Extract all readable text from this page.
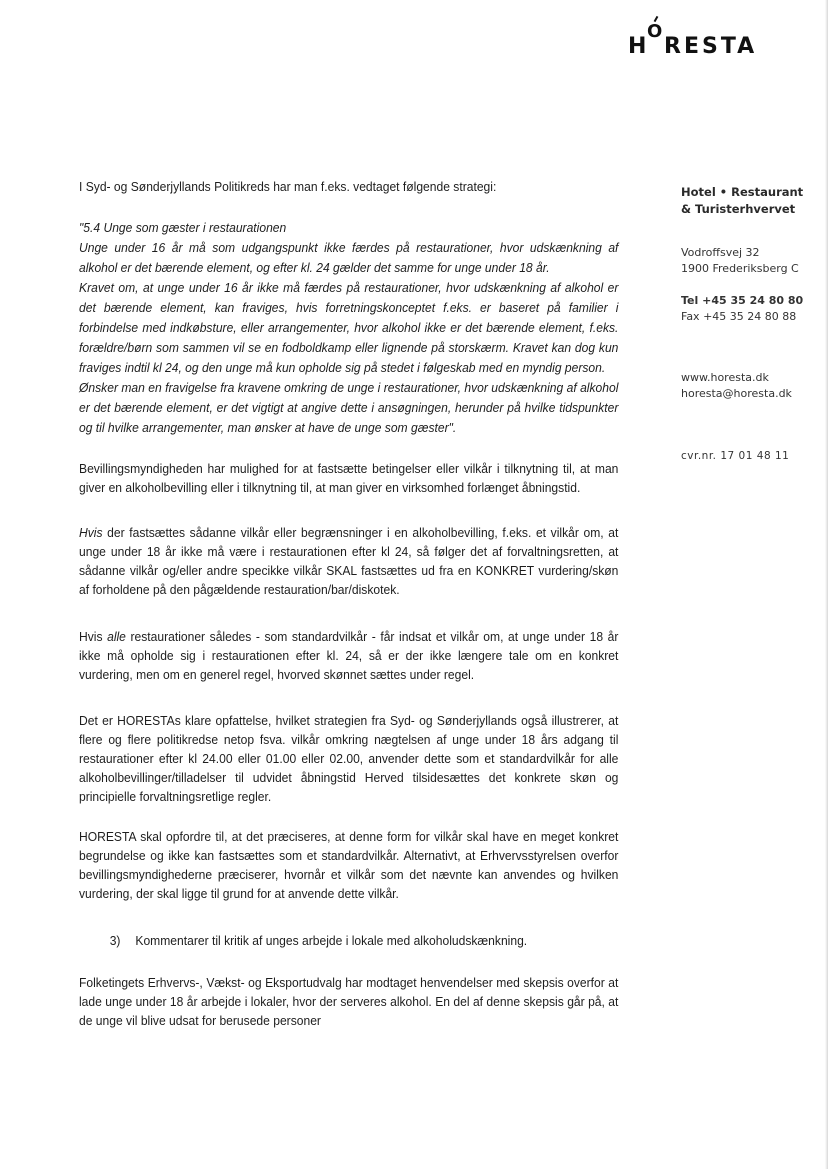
H
O
RESTA
Hotel • Restaurant
& Turisterhvervet
Vodroffsvej 32
1900 Frederiksberg C
Tel +45 35 24 80 80
Fax +45 35 24 80 88
www.horesta.dk
horesta@horesta.dk
cvr.nr. 17 01 48 11

I Syd- og Sønderjyllands Politikreds har man f.eks. vedtaget følgende strategi:

"5.4 Unge som gæster i restaurationen
Unge under 16 år må som udgangspunkt ikke færdes på restaurationer, hvor udskænkning af alkohol er det bærende element, og efter kl. 24 gælder det samme for unge under 18 år.
Kravet om, at unge under 16 år ikke må færdes på restaurationer, hvor udskænkning af alkohol er det bærende element, kan fraviges, hvis forretningskonceptet f.eks. er baseret på familier i forbindelse med indkøbsture, eller arrangementer, hvor alkohol ikke er det bærende element, f.eks. forældre/børn som sammen vil se en fodboldkamp eller lignende på storskærm. Kravet kan dog kun fraviges indtil kl 24, og den unge må kun opholde sig på stedet i følgeskab med en myndig person.
Ønsker man en fravigelse fra kravene omkring de unge i restaurationer, hvor udskænkning af alkohol er det bærende element, er det vigtigt at angive dette i ansøgningen, herunder på hvilke tidspunkter og til hvilke arrangementer, man ønsker at have de unge som gæster".

Bevillingsmyndigheden har mulighed for at fastsætte betingelser eller vilkår i tilknytning til, at man giver en alkoholbevilling eller i tilknytning til, at man giver en virksomhed forlænget åbningstid.

Hvis der fastsættes sådanne vilkår eller begrænsninger i en alkoholbevilling, f.eks. et vilkår om, at unge under 18 år ikke må være i restaurationen efter kl 24, så følger det af forvaltningsretten, at sådanne vilkår og/eller andre specikke vilkår SKAL fastsættes ud fra en KONKRET vurdering/skøn af forholdene på den pågældende restauration/bar/diskotek.

Hvis alle restaurationer således - som standardvilkår - får indsat et vilkår om, at unge under 18 år ikke må opholde sig i restaurationen efter kl. 24, så er der ikke længere tale om en konkret vurdering, men om en generel regel, hvorved skønnet sættes under regel.

Det er HORESTAs klare opfattelse, hvilket strategien fra Syd- og Sønderjyllands også illustrerer, at flere og flere politikredse netop fsva. vilkår omkring nægtelsen af unge under 18 års adgang til restaurationer efter kl 24.00 eller 01.00 eller 02.00, anvender dette som et standardvilkår for alle alkoholbevillinger/tilladelser til udvidet åbningstid Herved tilsidesættes det konkrete skøn og principielle forvaltningsretlige regler.

HORESTA skal opfordre til, at det præciseres, at denne form for vilkår skal have en meget konkret begrundelse og ikke kan fastsættes som et standardvilkår. Alternativt, at Erhvervsstyrelsen overfor bevillingsmyndighederne præciserer, hvornår et vilkår som det nævnte kan anvendes og hvilken vurdering, der skal ligge til grund for at anvende dette vilkår.

3) Kommentarer til kritik af unges arbejde i lokale med alkoholudskænkning.

Folketingets Erhvervs-, Vækst- og Eksportudvalg har modtaget henvendelser med skepsis overfor at lade unge under 18 år arbejde i lokaler, hvor der serveres alkohol. En del af denne skepsis går på, at de unge vil blive udsat for berusede personer
